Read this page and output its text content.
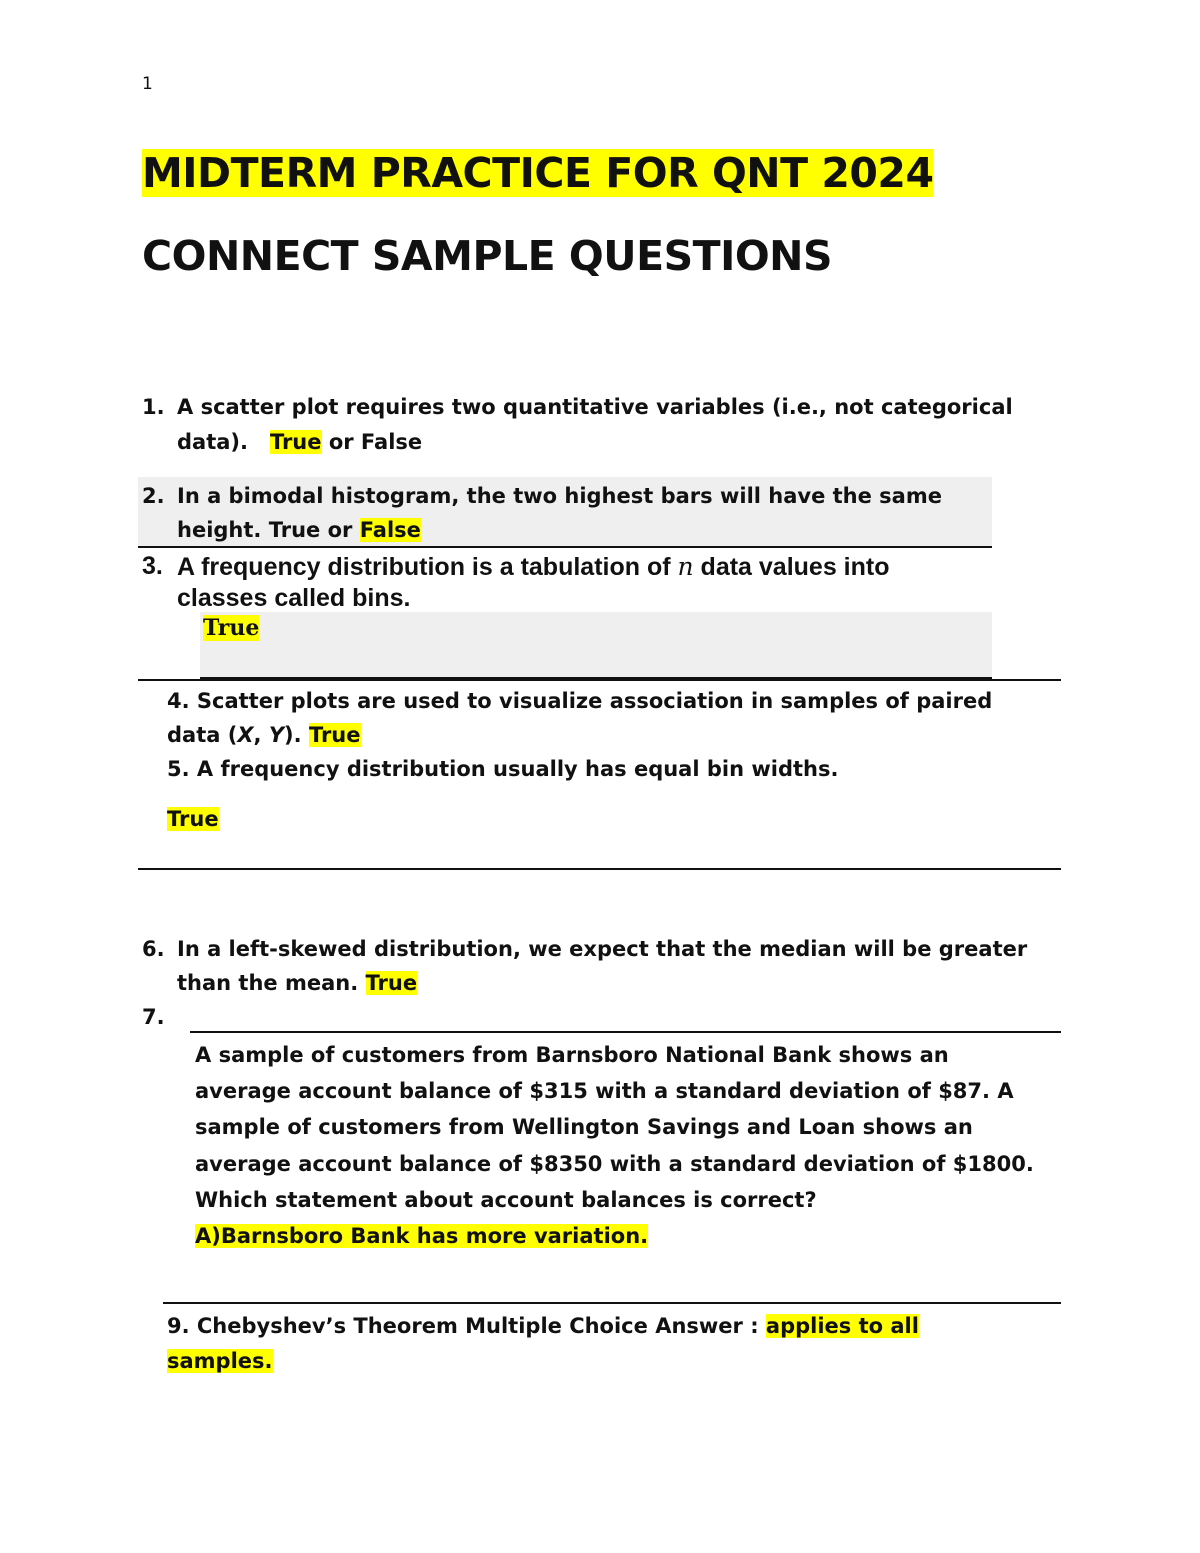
1
MIDTERM PRACTICE FOR QNT 2024
CONNECT SAMPLE QUESTIONS
1. A scatter plot requires two quantitative variables (i.e., not categorical
data). True or False
2. In a bimodal histogram, the two highest bars will have the same
height. True or False
3. A frequency distribution is a tabulation of n data values into
classes called bins.
True
4. Scatter plots are used to visualize association in samples of paired
data (X, Y). True
5. A frequency distribution usually has equal bin widths.
True
6. In a left-skewed distribution, we expect that the median will be greater
than the mean. True
7.
A sample of customers from Barnsboro National Bank shows an
average account balance of $315 with a standard deviation of $87. A
sample of customers from Wellington Savings and Loan shows an
average account balance of $8350 with a standard deviation of $1800.
Which statement about account balances is correct?
A)Barnsboro Bank has more variation.
9. Chebyshev’s Theorem Multiple Choice Answer : applies to all
samples.
